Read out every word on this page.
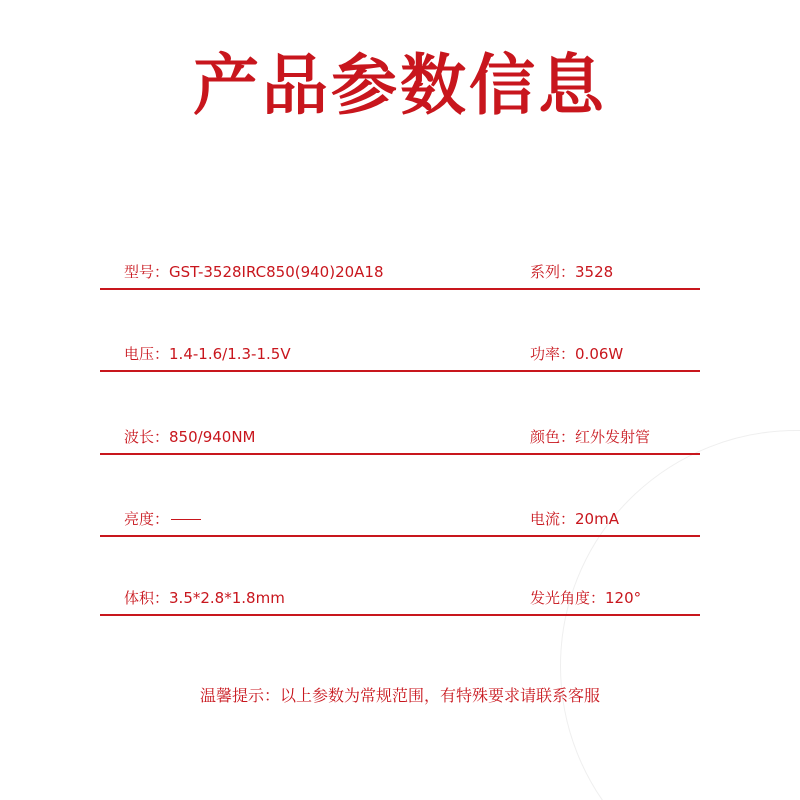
产品参数信息
型号：GST-3528IRC850(940)20A18	系列：3528
电压：1.4-1.6/1.3-1.5V	功率：0.06W
波长：850/940NM	颜色：红外发射管
亮度：	电流：20mA
体积：3.5*2.8*1.8mm	发光角度：120°
温馨提示：以上参数为常规范围，有特殊要求请联系客服
